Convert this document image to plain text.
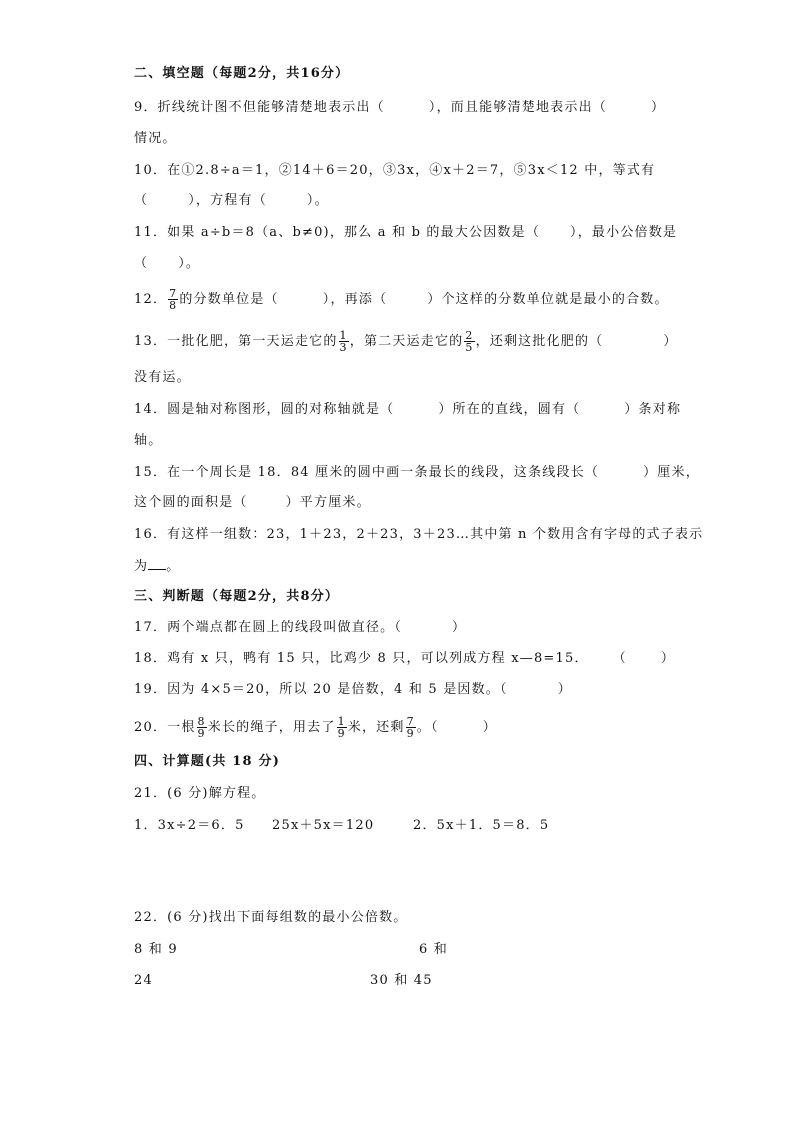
二、填空题（每题2分，共16分）
9．折线统计图不但能够清楚地表示出（	），而且能够清楚地表示出（	）
情况。
10．在①2.8÷a＝1，②14＋6＝20，③3x，④x＋2＝7，⑤3x＜12 中，等式有
（	），方程有（	）。
11．如果 a÷b＝8（a、b≠0)，那么 a 和 b 的最大公因数是（ ），最小公倍数是
（ ）。
12． $\frac{7}{8}$ 的分数单位是（	），再添（	）个这样的分数单位就是最小的合数。
13．一批化肥，第一天运走它的 $\frac{1}{3}$ ，第二天运走它的 $\frac{2}{5}$ ，还剩这批化肥的（	）
没有运。
14．圆是轴对称图形，圆的对称轴就是（	）所在的直线，圆有（	）条对称
轴。
15．在一个周长是 18．84 厘米的圆中画一条最长的线段，这条线段长（	）厘米，
这个圆的面积是（	）平方厘米。
16．有这样一组数：23，1＋23，2＋23，3＋23…其中第 n 个数用含有字母的式子表示
为 。
三、判断题（每题2分，共8分）
17．两个端点都在圆上的线段叫做直径。（	）
18．鸡有 x 只，鸭有 15 只，比鸡少 8 只，可以列成方程 x—8=15． （	）
19．因为 4×5＝20，所以 20 是倍数，4 和 5 是因数。（	）
20．一根 $\frac{8}{9}$ 米长的绳子，用去了 $\frac{1}{9}$ 米，还剩 $\frac{7}{9}$ 。（	）
四、计算题(共 18 分)
21．(6 分)解方程。
1．3x÷2＝6．5 25x＋5x＝120	2．5x＋1．5＝8．5
22．(6 分)找出下面每组数的最小公倍数。
8 和 9	6 和
24	30 和 45
